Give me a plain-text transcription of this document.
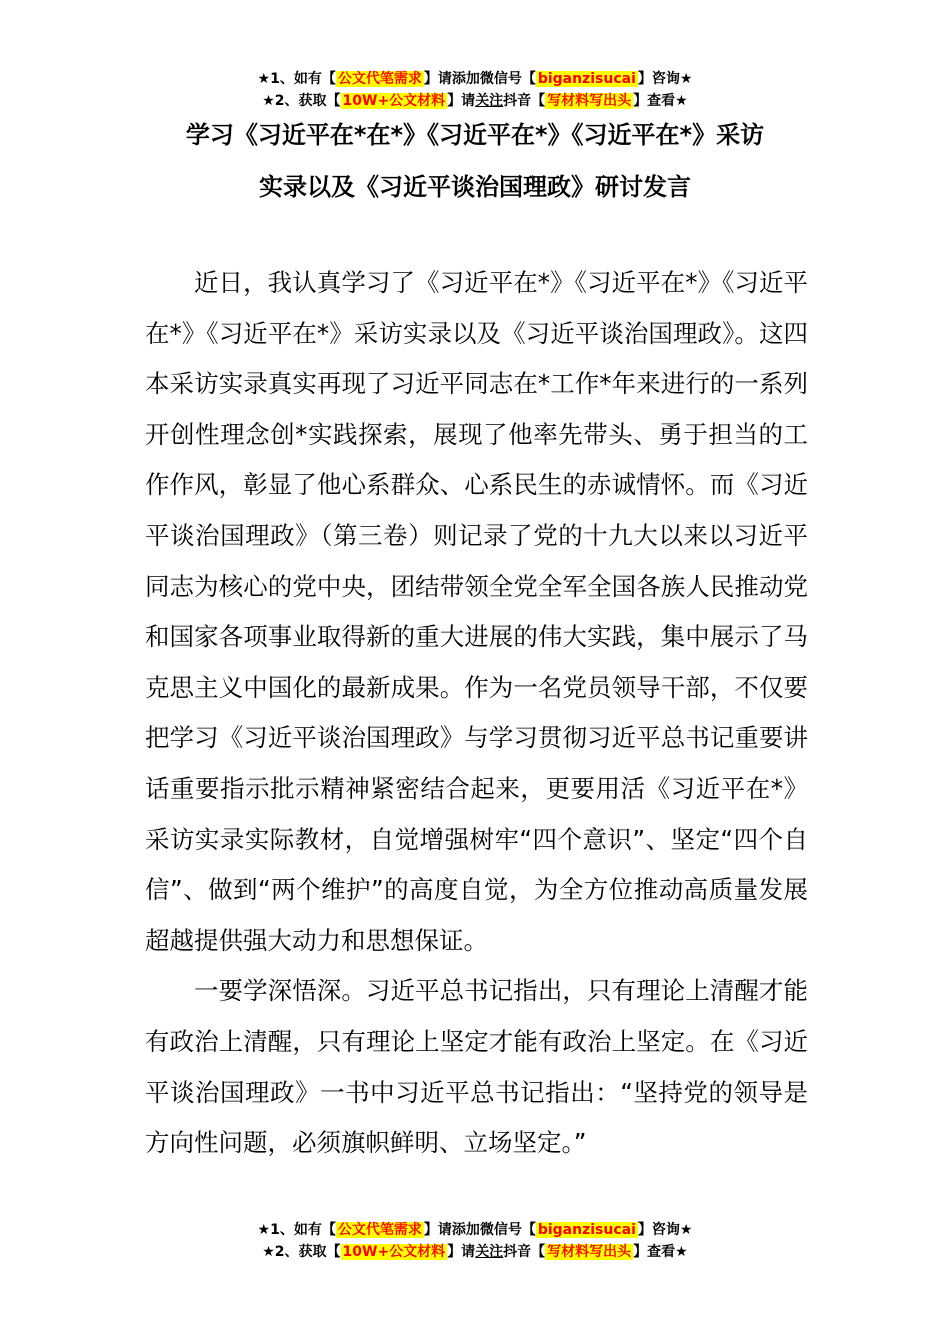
★1、如有【 公文代笔需求 】请添加微信号【 biganzisucai 】咨询★
★2、获取【 10W+公文材料 】请关注抖音【 写材料写出头 】查看★
学习《习近平在*在*》《习近平在*》《习近平在*》采访
实录以及《习近平谈治国理政》研讨发言

近日，我认真学习了《习近平在*》《习近平在*》《习近平在*》《习近平在*》采访实录以及《习近平谈治国理政》。这四本采访实录真实再现了习近平同志在*工作*年来进行的一系列开创性理念创*实践探索，展现了他率先带头、勇于担当的工作作风，彰显了他心系群众、心系民生的赤诚情怀。而《习近平谈治国理政》（第三卷）则记录了党的十九大以来以习近平同志为核心的党中央，团结带领全党全军全国各族人民推动党和国家各项事业取得新的重大进展的伟大实践，集中展示了马克思主义中国化的最新成果。作为一名党员领导干部，不仅要把学习《习近平谈治国理政》与学习贯彻习近平总书记重要讲话重要指示批示精神紧密结合起来，更要用活《习近平在*》采访实录实际教材，自觉增强树牢“四个意识”、坚定“四个自信”、做到“两个维护”的高度自觉，为全方位推动高质量发展超越提供强大动力和思想保证。

一要学深悟深。习近平总书记指出，只有理论上清醒才能有政治上清醒，只有理论上坚定才能有政治上坚定。在《习近平谈治国理政》一书中习近平总书记指出：“坚持党的领导是方向性问题，必须旗帜鲜明、立场坚定。”

★1、如有【 公文代笔需求 】请添加微信号【 biganzisucai 】咨询★
★2、获取【 10W+公文材料 】请关注抖音【 写材料写出头 】查看★
